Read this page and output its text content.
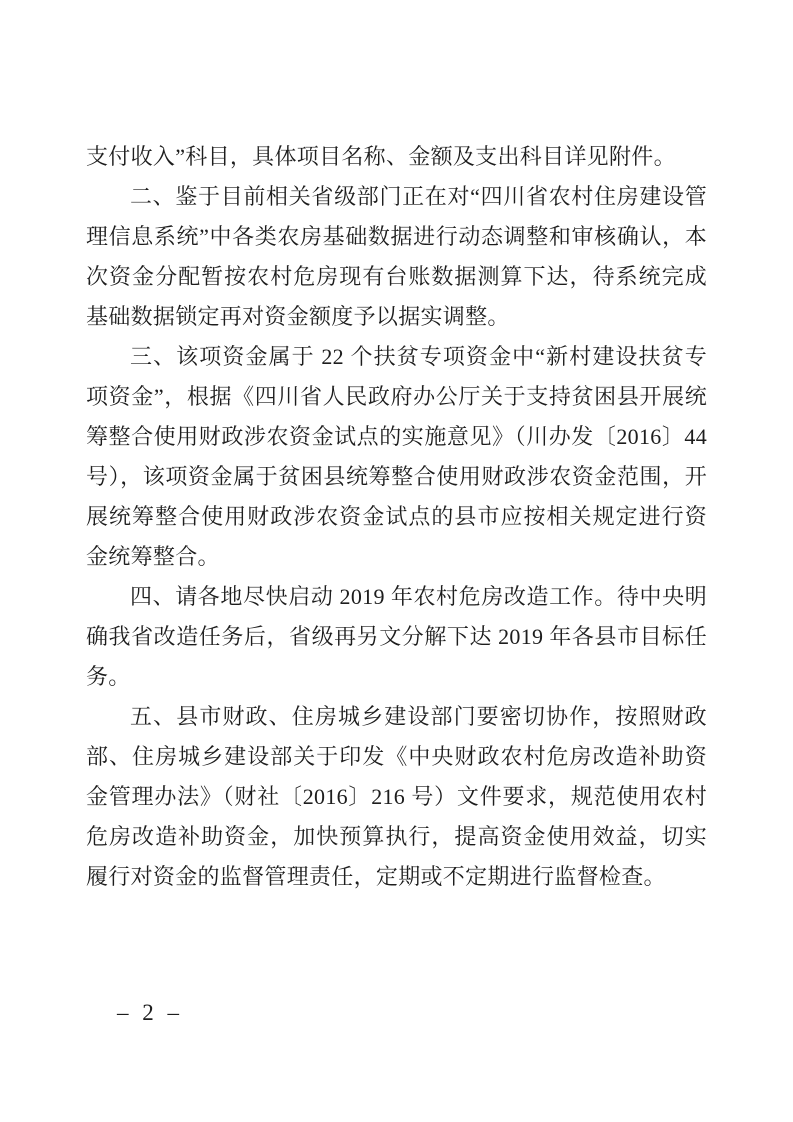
支付收入”科目，具体项目名称、金额及支出科目详见附件。

二、鉴于目前相关省级部门正在对“四川省农村住房建设管理信息系统”中各类农房基础数据进行动态调整和审核确认，本次资金分配暂按农村危房现有台账数据测算下达，待系统完成基础数据锁定再对资金额度予以据实调整。

三、该项资金属于 22 个扶贫专项资金中“新村建设扶贫专项资金”，根据《四川省人民政府办公厅关于支持贫困县开展统筹整合使用财政涉农资金试点的实施意见》（川办发〔2016〕44 号），该项资金属于贫困县统筹整合使用财政涉农资金范围，开展统筹整合使用财政涉农资金试点的县市应按相关规定进行资金统筹整合。

四、请各地尽快启动 2019 年农村危房改造工作。待中央明确我省改造任务后，省级再另文分解下达 2019 年各县市目标任务。

五、县市财政、住房城乡建设部门要密切协作，按照财政部、住房城乡建设部关于印发《中央财政农村危房改造补助资金管理办法》（财社〔2016〕216 号）文件要求，规范使用农村危房改造补助资金，加快预算执行，提高资金使用效益，切实履行对资金的监督管理责任，定期或不定期进行监督检查。

– 2 –
